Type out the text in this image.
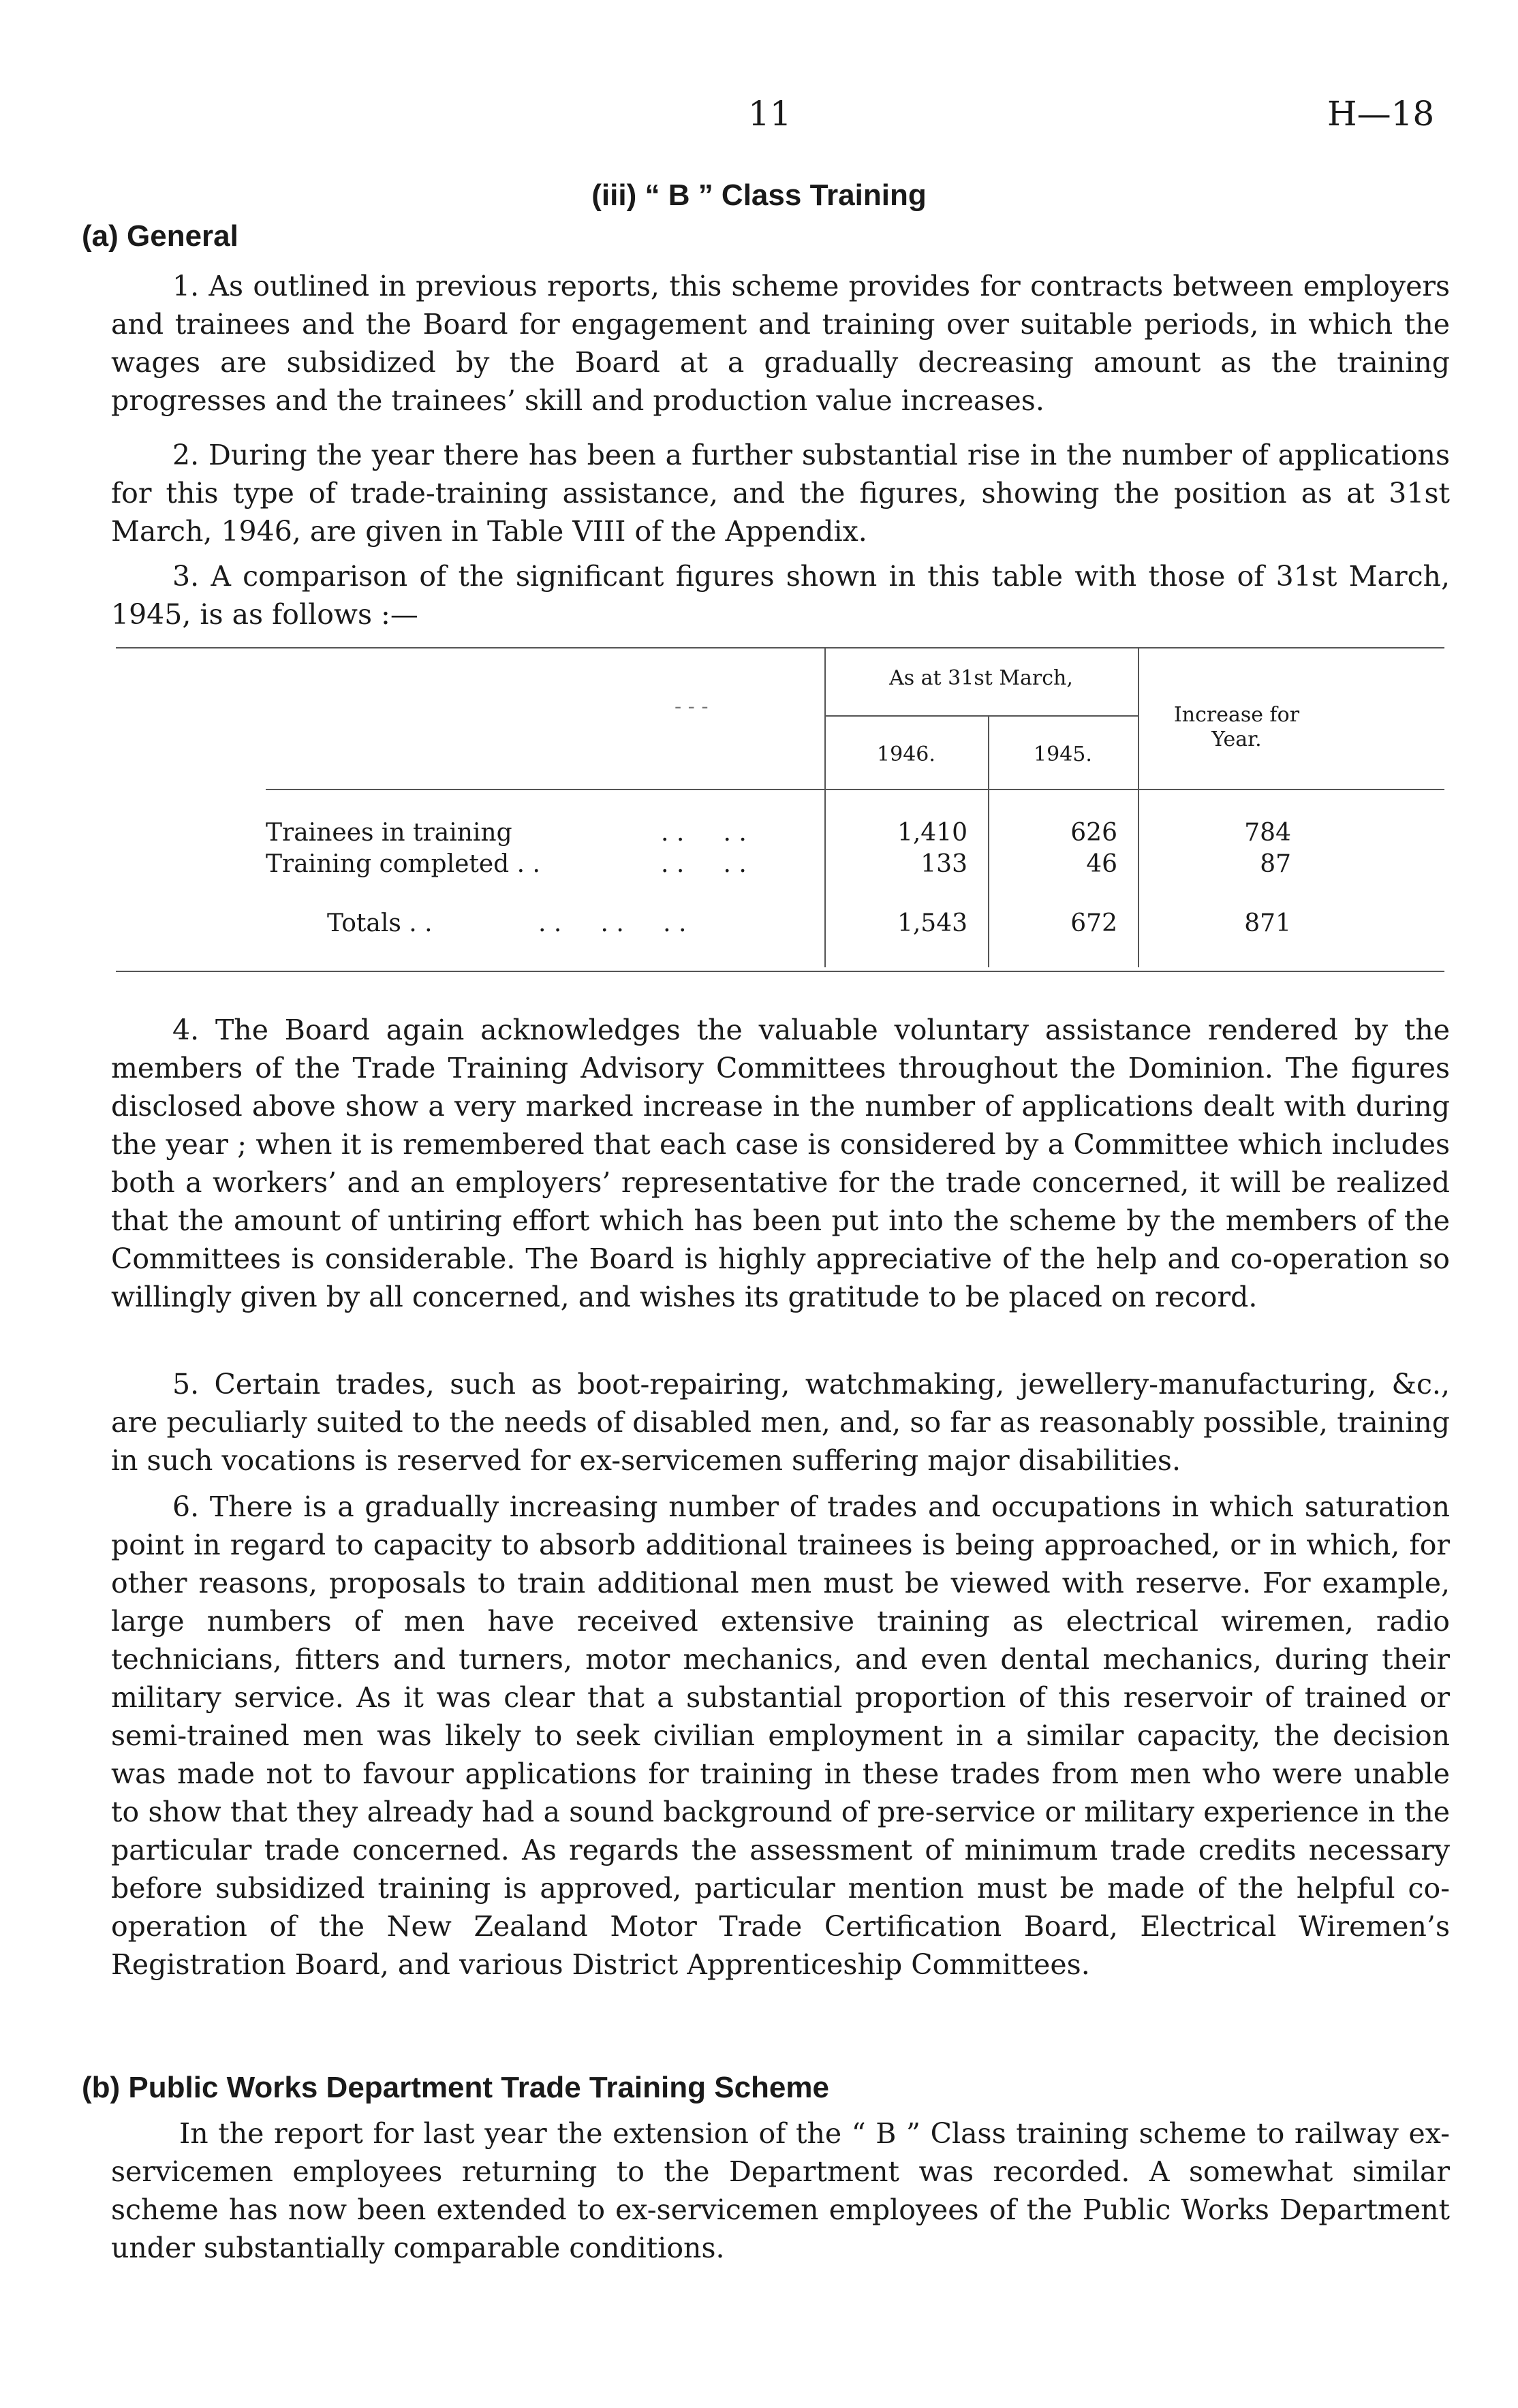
11	H—18
(iii) “ B ” Class Training
(a) General

1. As outlined in previous reports, this scheme provides for contracts between employers and trainees and the Board for engagement and training over suitable periods, in which the wages are subsidized by the Board at a gradually decreasing amount as the training progresses and the trainees’ skill and production value increases.

2. During the year there has been a further substantial rise in the number of applications for this type of trade-training assistance, and the figures, showing the position as at 31st March, 1946, are given in Table VIII of the Appendix.

3. A comparison of the significant figures shown in this table with those of 31st March, 1945, is as follows :—

As at 31st March,
- - -
1946.	1945.
Increase for Year.
Trainees in training	. .     . .	1,410	626	784
Training completed . .	. .     . .	133	46	87
Totals . .	. .     . .     . .	1,543	672	871

4. The Board again acknowledges the valuable voluntary assistance rendered by the members of the Trade Training Advisory Committees throughout the Dominion. The figures disclosed above show a very marked increase in the number of applications dealt with during the year ; when it is remembered that each case is considered by a Committee which includes both a workers’ and an employers’ representative for the trade concerned, it will be realized that the amount of untiring effort which has been put into the scheme by the members of the Committees is considerable. The Board is highly appreciative of the help and co-operation so willingly given by all concerned, and wishes its gratitude to be placed on record.

5. Certain trades, such as boot-repairing, watchmaking, jewellery-manufacturing, &c., are peculiarly suited to the needs of disabled men, and, so far as reasonably possible, training in such vocations is reserved for ex-servicemen suffering major disabilities.

6. There is a gradually increasing number of trades and occupations in which saturation point in regard to capacity to absorb additional trainees is being approached, or in which, for other reasons, proposals to train additional men must be viewed with reserve. For example, large numbers of men have received extensive training as electrical wiremen, radio technicians, fitters and turners, motor mechanics, and even dental mechanics, during their military service. As it was clear that a substantial proportion of this reservoir of trained or semi-trained men was likely to seek civilian employment in a similar capacity, the decision was made not to favour applications for training in these trades from men who were unable to show that they already had a sound background of pre-service or military experience in the particular trade concerned. As regards the assessment of minimum trade credits necessary before subsidized training is approved, particular mention must be made of the helpful co-operation of the New Zealand Motor Trade Certification Board, Electrical Wiremen’s Registration Board, and various District Apprenticeship Committees.

(b) Public Works Department Trade Training Scheme

In the report for last year the extension of the “ B ” Class training scheme to railway ex-servicemen employees returning to the Department was recorded. A somewhat similar scheme has now been extended to ex-servicemen employees of the Public Works Department under substantially comparable conditions.
